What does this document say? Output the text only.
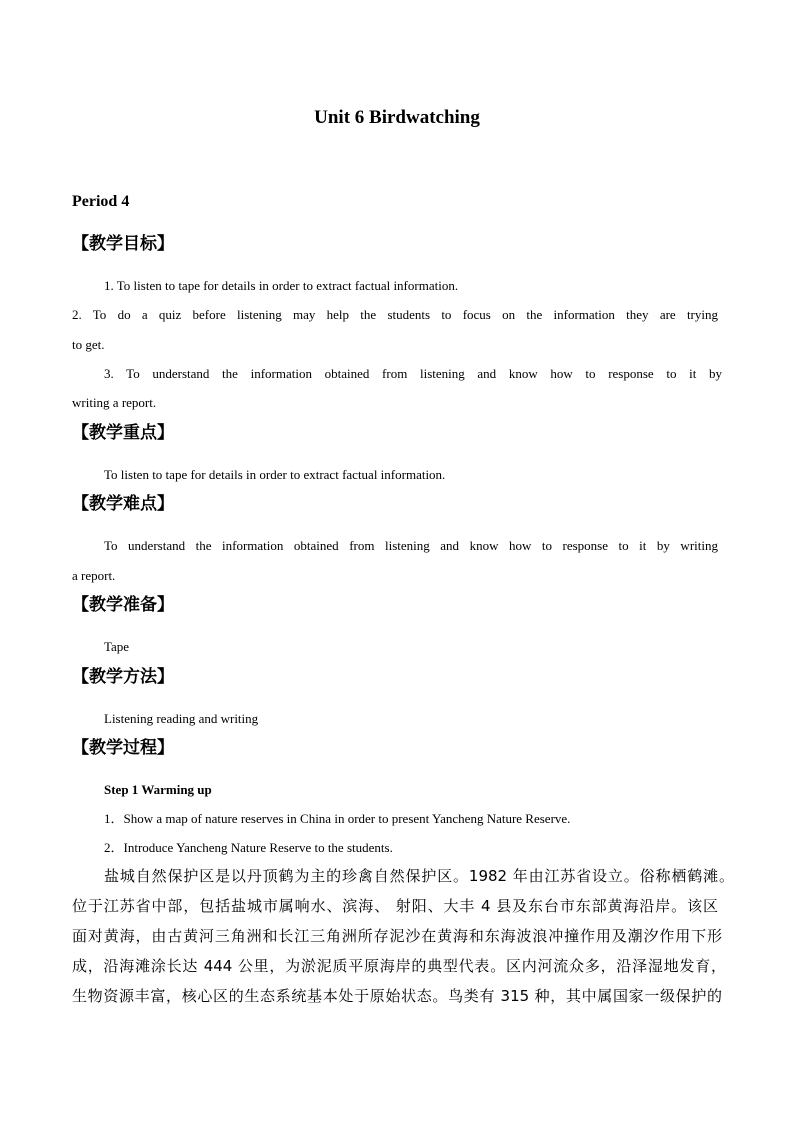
Unit 6 Birdwatching
Period 4
【教学目标】
1. To listen to tape for details in order to extract factual information.
2. To do a quiz before listening may help the students to focus on the information they are trying
to get.
3. To understand the information obtained from listening and know how to response to it by
writing a report.
【教学重点】
To listen to tape for details in order to extract factual information.
【教学难点】
To understand the information obtained from listening and know how to response to it by writing
a report.
【教学准备】
Tape
【教学方法】
Listening reading and writing
【教学过程】
Step 1 Warming up
1．Show a map of nature reserves in China in order to present Yancheng Nature Reserve.
2．Introduce Yancheng Nature Reserve to the students.
盐城自然保护区是以丹顶鹤为主的珍禽自然保护区。1982 年由江苏省设立。俗称栖鹤滩。
位于江苏省中部，包括盐城市属响水、滨海、 射阳、大丰 4 县及东台市东部黄海沿岸。该区
面对黄海，由古黄河三角洲和长江三角洲所存泥沙在黄海和东海波浪冲撞作用及潮汐作用下形
成，沿海滩涂长达 444 公里，为淤泥质平原海岸的典型代表。区内河流众多，沿泽湿地发育，
生物资源丰富，核心区的生态系统基本处于原始状态。鸟类有 315 种，其中属国家一级保护的
